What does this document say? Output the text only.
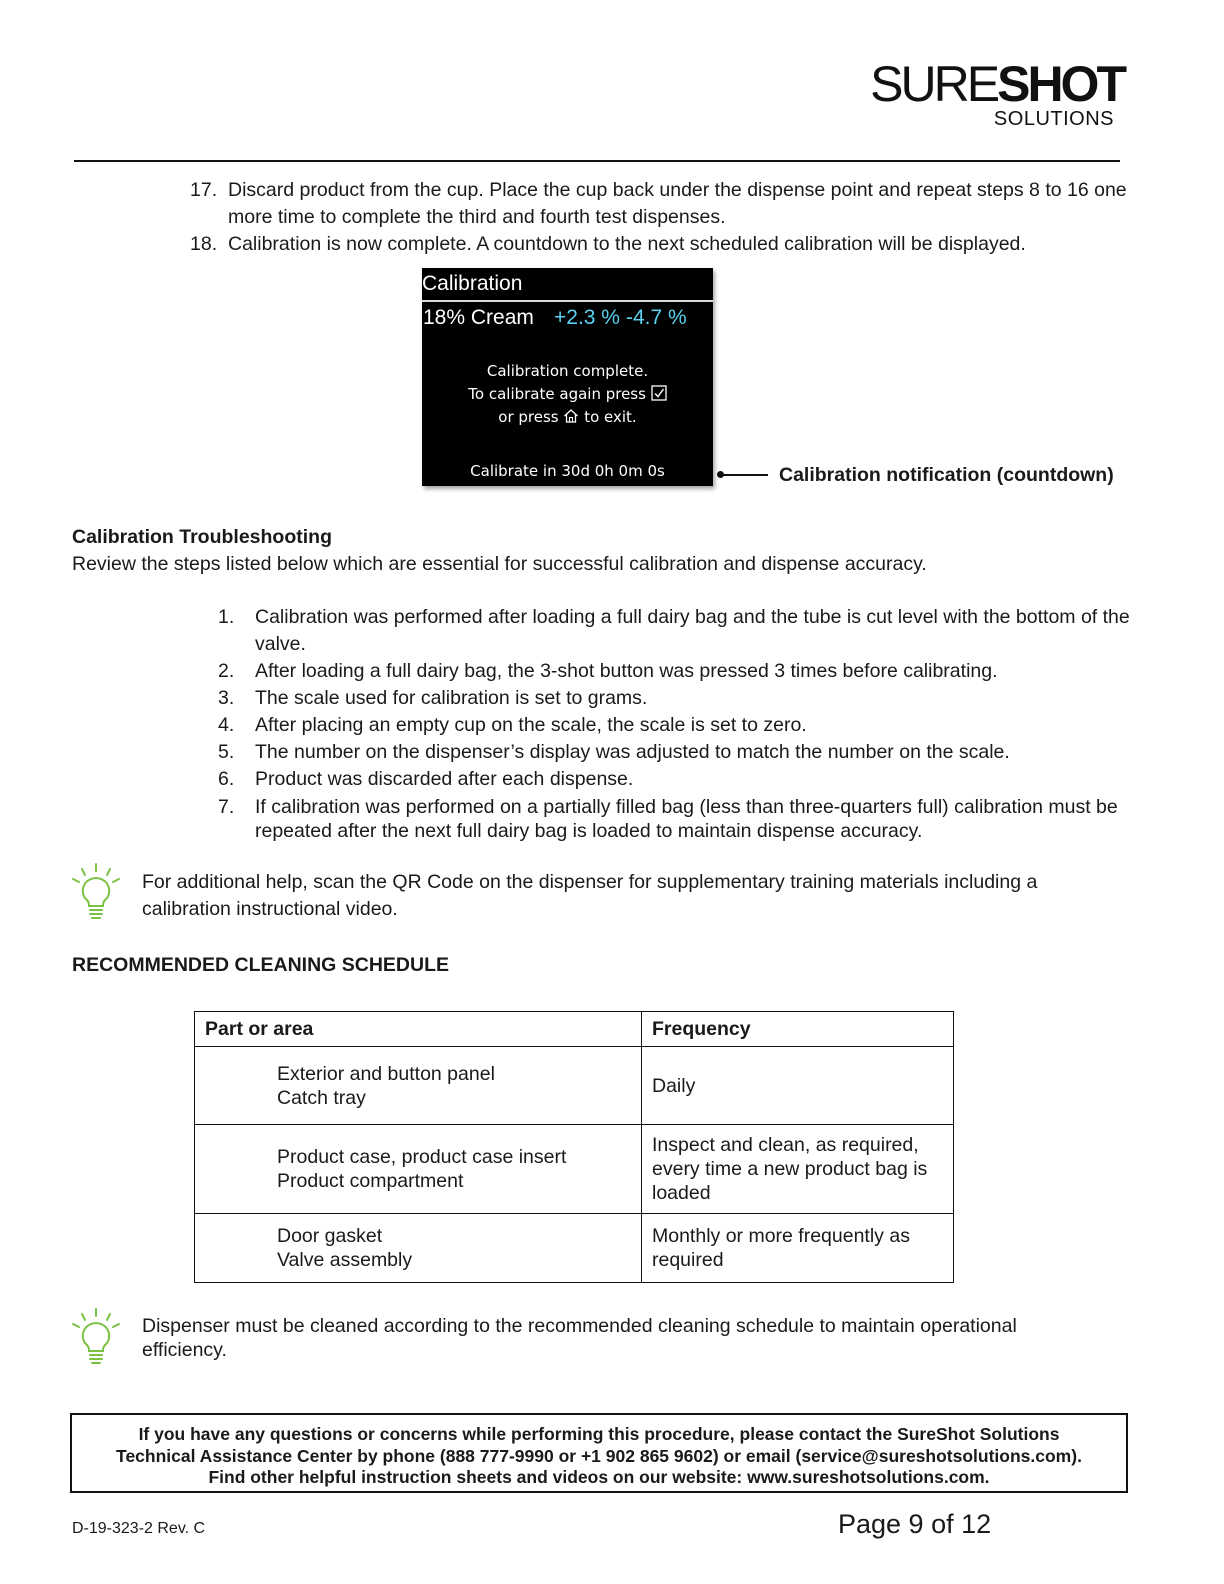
SURESHOT
SOLUTIONS
17. Discard product from the cup. Place the cup back under the dispense point and repeat steps 8 to 16 one more time to complete the third and fourth test dispenses.
18. Calibration is now complete. A countdown to the next scheduled calibration will be displayed.
Calibration
18% Cream +2.3 % -4.7 %
Calibration complete.
To calibrate again press
or press to exit.
Calibrate in 30d 0h 0m 0s	Calibration notification (countdown)
Calibration Troubleshooting
Review the steps listed below which are essential for successful calibration and dispense accuracy.
1.	Calibration was performed after loading a full dairy bag and the tube is cut level with the bottom of the valve.
2.	After loading a full dairy bag, the 3-shot button was pressed 3 times before calibrating.
3.	The scale used for calibration is set to grams.
4.	After placing an empty cup on the scale, the scale is set to zero.
5.	The number on the dispenser’s display was adjusted to match the number on the scale.
6.	Product was discarded after each dispense.
7.	If calibration was performed on a partially filled bag (less than three-quarters full) calibration must be repeated after the next full dairy bag is loaded to maintain dispense accuracy.
For additional help, scan the QR Code on the dispenser for supplementary training materials including a calibration instructional video.
RECOMMENDED CLEANING SCHEDULE
Part or area	Frequency

Exterior and button panel
Catch tray	Daily

Product case, product case insert
Product compartment	Inspect and clean, as required, every time a new product bag is loaded

Door gasket
Valve assembly	Monthly or more frequently as required
Dispenser must be cleaned according to the recommended cleaning schedule to maintain operational efficiency.
If you have any questions or concerns while performing this procedure, please contact the SureShot Solutions
Technical Assistance Center by phone (888 777-9990 or +1 902 865 9602) or email (service@sureshotsolutions.com).
Find other helpful instruction sheets and videos on our website: www.sureshotsolutions.com.
D-19-323-2 Rev. C	Page 9 of 12
